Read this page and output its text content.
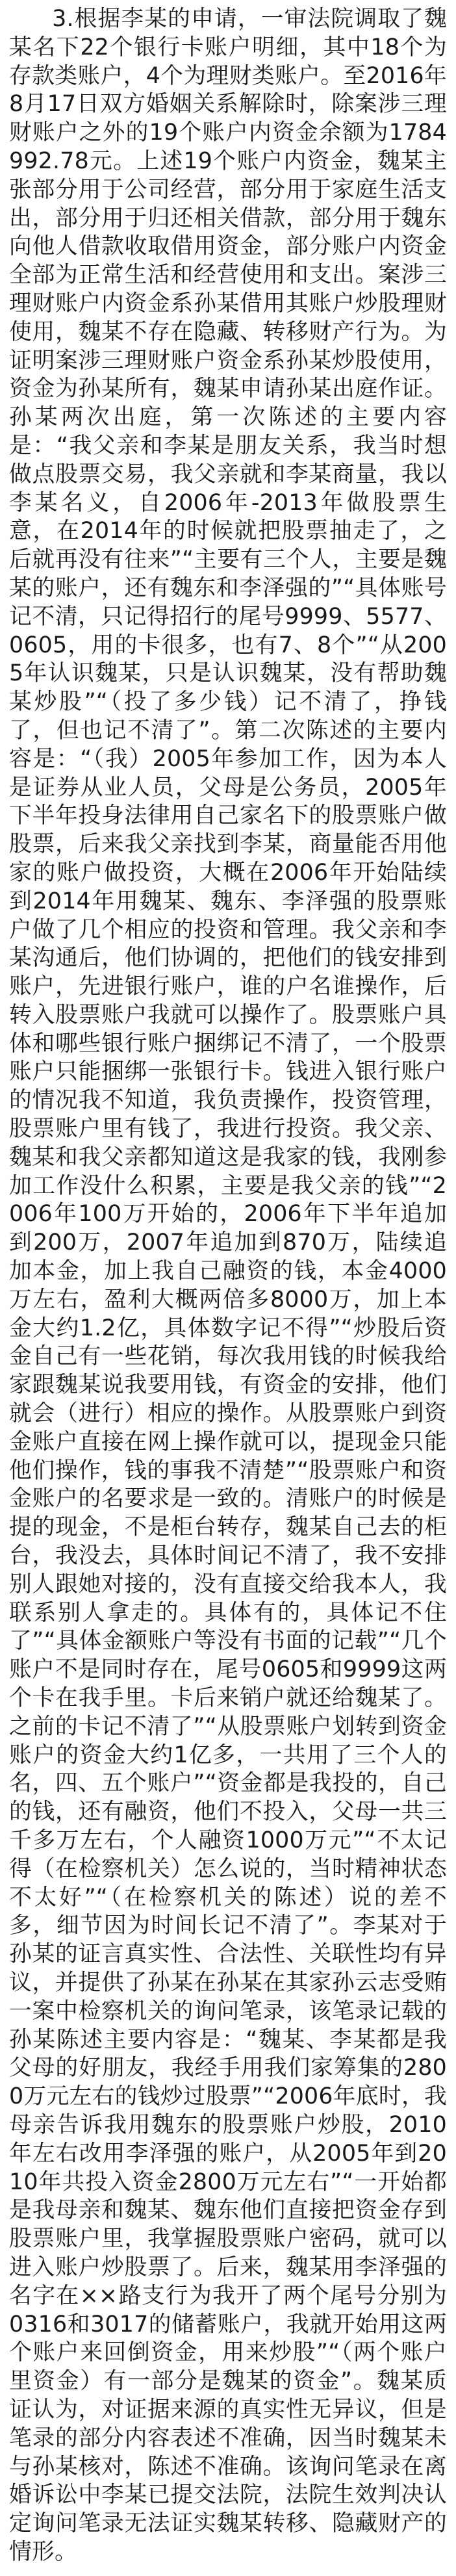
3.根据李某的申请，一审法院调取了魏某名下22个银行卡账户明细，其中18个为存款类账户，4个为理财类账户。至2016年8月17日双方婚姻关系解除时，除案涉三理财账户之外的19个账户内资金余额为1784992.78元。上述19个账户内资金，魏某主张部分用于公司经营，部分用于家庭生活支出，部分用于归还相关借款，部分用于魏东向他人借款收取借用资金，部分账户内资金全部为正常生活和经营使用和支出。案涉三理财账户内资金系孙某借用其账户炒股理财使用，魏某不存在隐藏、转移财产行为。为证明案涉三理财账户资金系孙某炒股使用，资金为孙某所有，魏某申请孙某出庭作证。孙某两次出庭，第一次陈述的主要内容是：“我父亲和李某是朋友关系，我当时想做点股票交易，我父亲就和李某商量，我以李某名义，自2006年-2013年做股票生意，在2014年的时候就把股票抽走了，之后就再没有往来”“主要有三个人，主要是魏某的账户，还有魏东和李泽强的”“具体账号记不清，只记得招行的尾号9999、5577、0605，用的卡很多，也有7、8个”“从2005年认识魏某，只是认识魏某，没有帮助魏某炒股”“（投了多少钱）记不清了，挣钱了，但也记不清了”。第二次陈述的主要内容是：“（我）2005年参加工作，因为本人是证券从业人员，父母是公务员，2005年下半年投身法律用自己家名下的股票账户做股票，后来我父亲找到李某，商量能否用他家的账户做投资，大概在2006年开始陆续到2014年用魏某、魏东、李泽强的股票账户做了几个相应的投资和管理。我父亲和李某沟通后，他们协调的，把他们的钱安排到账户，先进银行账户，谁的户名谁操作，后转入股票账户我就可以操作了。股票账户具体和哪些银行账户捆绑记不清了，一个股票账户只能捆绑一张银行卡。钱进入银行账户的情况我不知道，我负责操作，投资管理，股票账户里有钱了，我进行投资。我父亲、魏某和我父亲都知道这是我家的钱，我刚参加工作没什么积累，主要是我父亲的钱”“2006年100万开始的，2006年下半年追加到200万，2007年追加到870万，陆续追加本金，加上我自己融资的钱，本金4000万左右，盈利大概两倍多8000万，加上本金大约1.2亿，具体数字记不得”“炒股后资金自己有一些花销，每次我用钱的时候我给家跟魏某说我要用钱，有资金的安排，他们就会（进行）相应的操作。从股票账户到资金账户直接在网上操作就可以，提现金只能他们操作，钱的事我不清楚”“股票账户和资金账户的名要求是一致的。清账户的时候是提的现金，不是柜台转存，魏某自己去的柜台，我没去，具体时间记不清了，我不安排别人跟她对接的，没有直接交给我本人，我联系别人拿走的。具体有的，具体记不住了”“具体金额账户等没有书面的记载”“几个账户不是同时存在，尾号0605和9999这两个卡在我手里。卡后来销户就还给魏某了。之前的卡记不清了”“从股票账户划转到资金账户的资金大约1亿多，一共用了三个人的名，四、五个账户”“资金都是我投的，自己的钱，还有融资，他们不投入，父母一共三千多万左右，个人融资1000万元”“不太记得（在检察机关）怎么说的，当时精神状态不太好”“（在检察机关的陈述）说的差不多，细节因为时间长记不清了”。李某对于孙某的证言真实性、合法性、关联性均有异议，并提供了孙某在孙某在其家孙云志受贿一案中检察机关的询问笔录，该笔录记载的孙某陈述主要内容是：“魏某、李某都是我父母的好朋友，我经手用我们家筹集的2800万元左右的钱炒过股票”“2006年底时，我母亲告诉我用魏东的股票账户炒股，2010年左右改用李泽强的账户，从2005年到2010年共投入资金2800万元左右”“一开始都是我母亲和魏某、魏东他们直接把资金存到股票账户里，我掌握股票账户密码，就可以进入账户炒股票了。后来，魏某用李泽强的名字在××路支行为我开了两个尾号分别为0316和3017的储蓄账户，我就开始用这两个账户来回倒资金，用来炒股”“（两个账户里资金）有一部分是魏某的资金”。魏某质证认为，对证据来源的真实性无异议，但是笔录的部分内容表述不准确，因当时魏某未与孙某核对，陈述不准确。该询问笔录在离婚诉讼中李某已提交法院，法院生效判决认定询问笔录无法证实魏某转移、隐藏财产的情形。
